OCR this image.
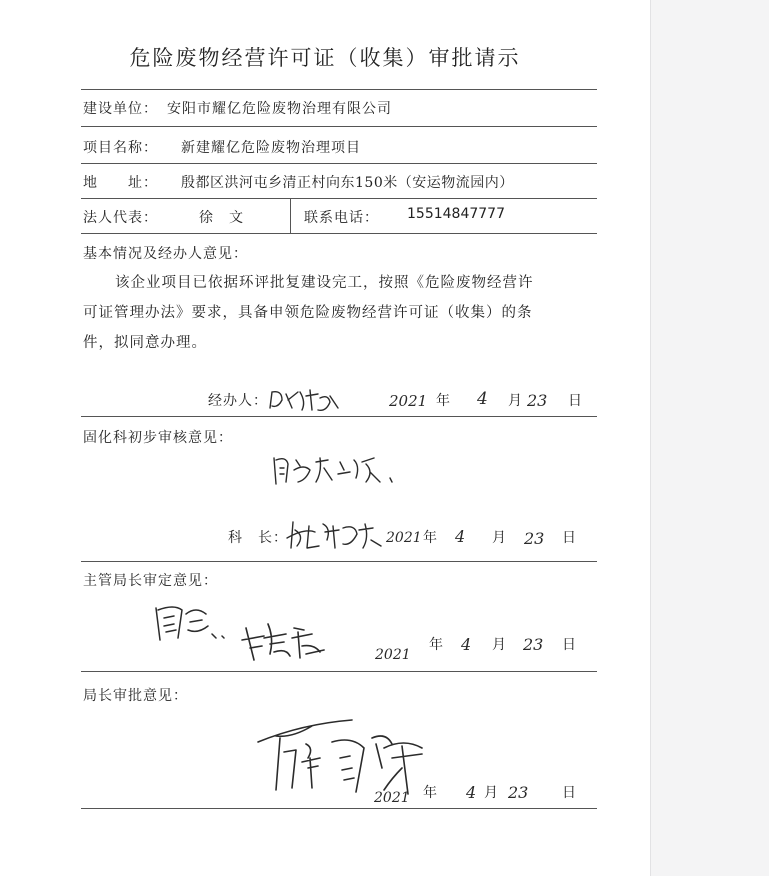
危险废物经营许可证（收集）审批请示
建设单位： 安阳市耀亿危险废物治理有限公司
项目名称： 新建耀亿危险废物治理项目
地　　址： 殷都区洪河屯乡清正村向东150米（安运物流园内）
法人代表：	徐　文	联系电话： 15514847777
基本情况及经办人意见：
该企业项目已依据环评批复建设完工，按照《危险废物经营许
可证管理办法》要求，具备申领危险废物经营许可证（收集）的条
件，拟同意办理。
经办人：	2021 年 4 月 23 日
固化科初步审核意见：
科　长：	2021 年 4 月 23 日
主管局长审定意见：
2021
年 4 月 23 日
局长审批意见：
2021 年 4 月 23 日
